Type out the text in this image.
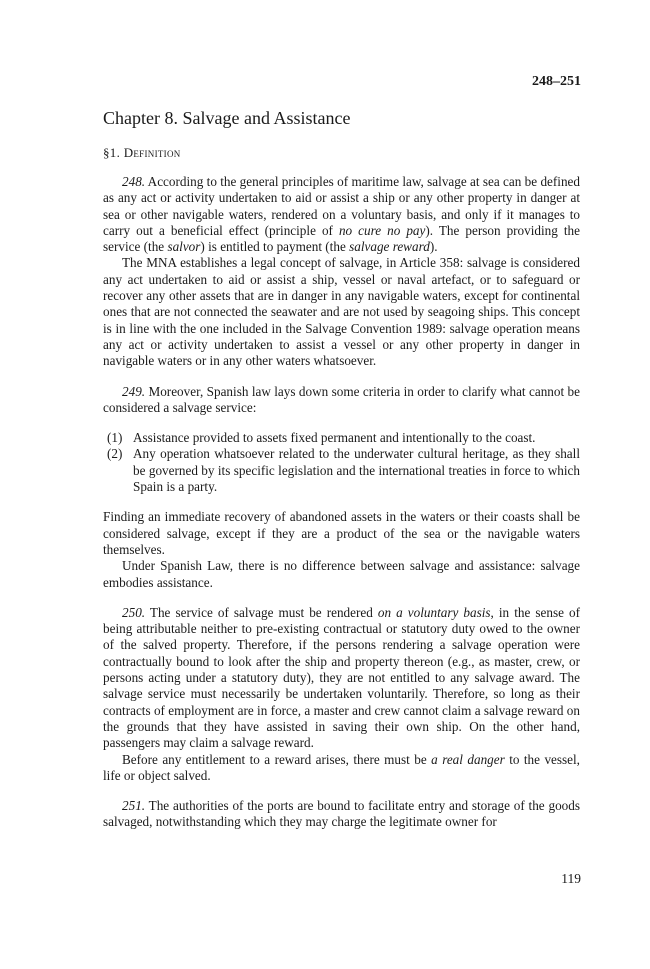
248–251
Chapter 8. Salvage and Assistance
§1. Definition

248. According to the general principles of maritime law, salvage at sea can be defined as any act or activity undertaken to aid or assist a ship or any other property in danger at sea or other navigable waters, rendered on a voluntary basis, and only if it manages to carry out a beneficial effect (principle of no cure no pay). The person providing the service (the salvor) is entitled to payment (the salvage reward).

The MNA establishes a legal concept of salvage, in Article 358: salvage is considered any act undertaken to aid or assist a ship, vessel or naval artefact, or to safeguard or recover any other assets that are in danger in any navigable waters, except for continental ones that are not connected the seawater and are not used by seagoing ships. This concept is in line with the one included in the Salvage Convention 1989: salvage operation means any act or activity undertaken to assist a vessel or any other property in danger in navigable waters or in any other waters whatsoever.

249. Moreover, Spanish law lays down some criteria in order to clarify what cannot be considered a salvage service:

(1) Assistance provided to assets fixed permanent and intentionally to the coast.
(2) Any operation whatsoever related to the underwater cultural heritage, as they shall be governed by its specific legislation and the international treaties in force to which Spain is a party.

Finding an immediate recovery of abandoned assets in the waters or their coasts shall be considered salvage, except if they are a product of the sea or the navigable waters themselves.

Under Spanish Law, there is no difference between salvage and assistance: salvage embodies assistance.

250. The service of salvage must be rendered on a voluntary basis, in the sense of being attributable neither to pre-existing contractual or statutory duty owed to the owner of the salved property. Therefore, if the persons rendering a salvage operation were contractually bound to look after the ship and property thereon (e.g., as master, crew, or persons acting under a statutory duty), they are not entitled to any salvage award. The salvage service must necessarily be undertaken voluntarily. Therefore, so long as their contracts of employment are in force, a master and crew cannot claim a salvage reward on the grounds that they have assisted in saving their own ship. On the other hand, passengers may claim a salvage reward.

Before any entitlement to a reward arises, there must be a real danger to the vessel, life or object salved.

251. The authorities of the ports are bound to facilitate entry and storage of the goods salvaged, notwithstanding which they may charge the legitimate owner for

119
